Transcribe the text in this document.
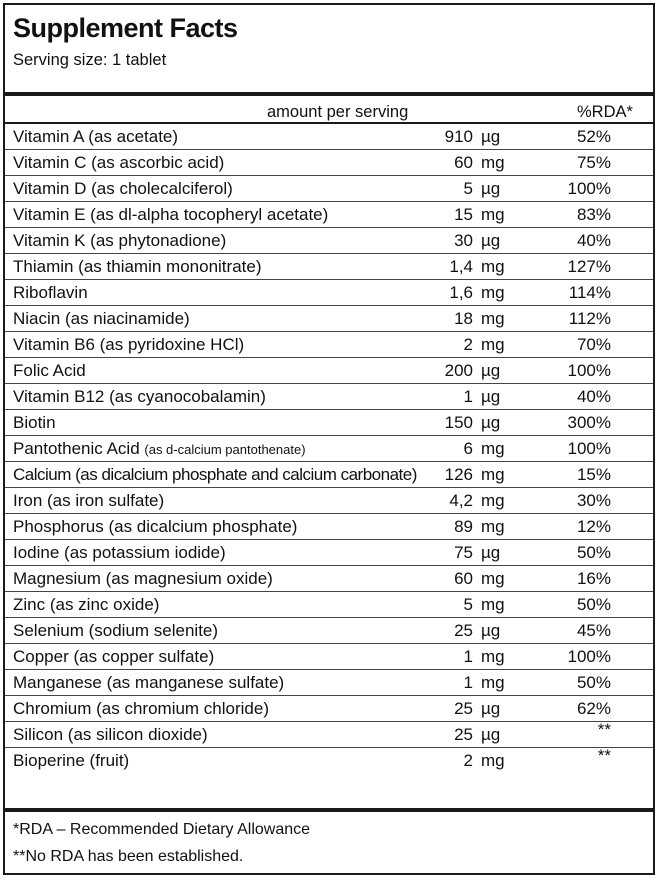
Supplement Facts
Serving size: 1 tablet
amount per serving	%RDA*
Vitamin A (as acetate)	910 µg	52%
Vitamin C (as ascorbic acid)	60 mg	75%
Vitamin D (as cholecalciferol)	5 µg	100%
Vitamin E (as dl-alpha tocopheryl acetate)	15 mg	83%
Vitamin K (as phytonadione)	30 µg	40%
Thiamin (as thiamin mononitrate)	1,4 mg	127%
Riboflavin	1,6 mg	114%
Niacin (as niacinamide)	18 mg	112%
Vitamin B6 (as pyridoxine HCl)	2 mg	70%
Folic Acid	200 µg	100%
Vitamin B12 (as cyanocobalamin)	1 µg	40%
Biotin	150 µg	300%
Pantothenic Acid (as d-calcium pantothenate)	6 mg	100%
Calcium (as dicalcium phosphate and calcium carbonate) 126 mg	15%
Iron (as iron sulfate)	4,2 mg	30%
Phosphorus (as dicalcium phosphate)	89 mg	12%
Iodine (as potassium iodide)	75 µg	50%
Magnesium (as magnesium oxide)	60 mg	16%
Zinc (as zinc oxide)	5 mg	50%
Selenium (sodium selenite)	25 µg	45%
Copper (as copper sulfate)	1 mg	100%
Manganese (as manganese sulfate)	1 mg	50%
Chromium (as chromium chloride)	25 µg	62%
Silicon (as silicon dioxide)	25 µg	**
Bioperine (fruit)	2 mg	**
*RDA – Recommended Dietary Allowance
**No RDA has been established.
